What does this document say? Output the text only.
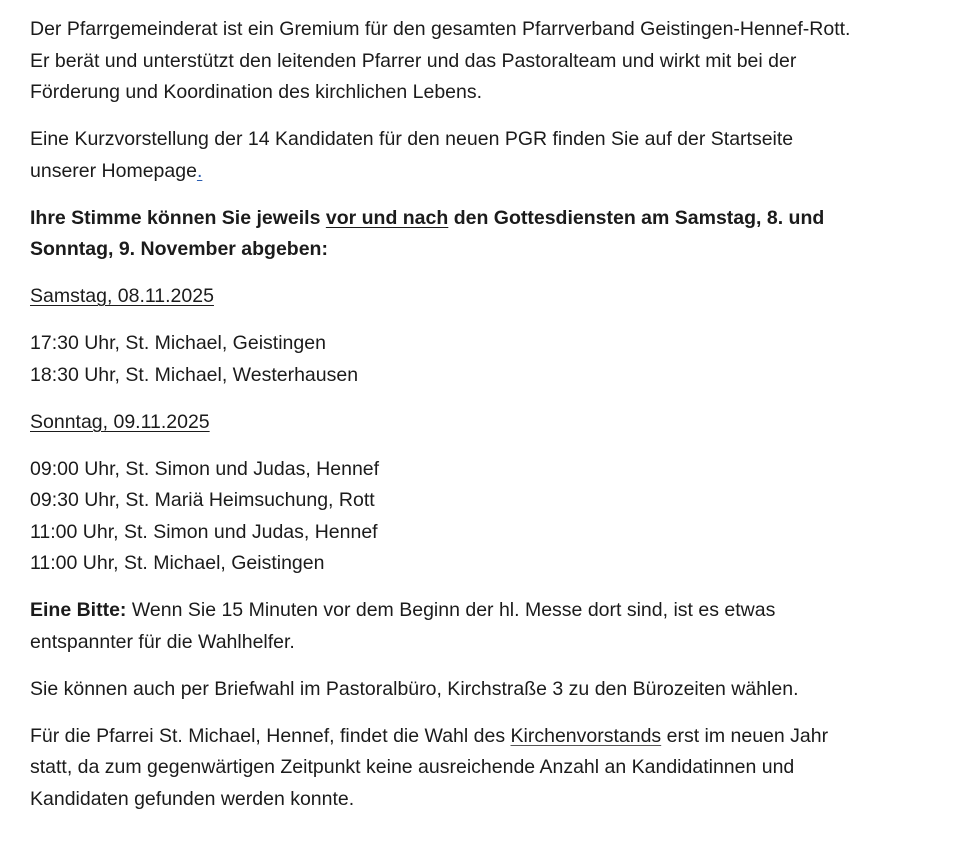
Der Pfarrgemeinderat ist ein Gremium für den gesamten Pfarrverband Geistingen-Hennef-Rott.
Er berät und unterstützt den leitenden Pfarrer und das Pastoralteam und wirkt mit bei der
Förderung und Koordination des kirchlichen Lebens.

Eine Kurzvorstellung der 14 Kandidaten für den neuen PGR finden Sie auf der Startseite
unserer Homepage.

Ihre Stimme können Sie jeweils vor und nach den Gottesdiensten am Samstag, 8. und
Sonntag, 9. November abgeben:

Samstag, 08.11.2025

17:30 Uhr, St. Michael, Geistingen
18:30 Uhr, St. Michael, Westerhausen

Sonntag, 09.11.2025

09:00 Uhr, St. Simon und Judas, Hennef
09:30 Uhr, St. Mariä Heimsuchung, Rott
11:00 Uhr, St. Simon und Judas, Hennef
11:00 Uhr, St. Michael, Geistingen

Eine Bitte: Wenn Sie 15 Minuten vor dem Beginn der hl. Messe dort sind, ist es etwas
entspannter für die Wahlhelfer.

Sie können auch per Briefwahl im Pastoralbüro, Kirchstraße 3 zu den Bürozeiten wählen.

Für die Pfarrei St. Michael, Hennef, findet die Wahl des Kirchenvorstands erst im neuen Jahr
statt, da zum gegenwärtigen Zeitpunkt keine ausreichende Anzahl an Kandidatinnen und
Kandidaten gefunden werden konnte.
